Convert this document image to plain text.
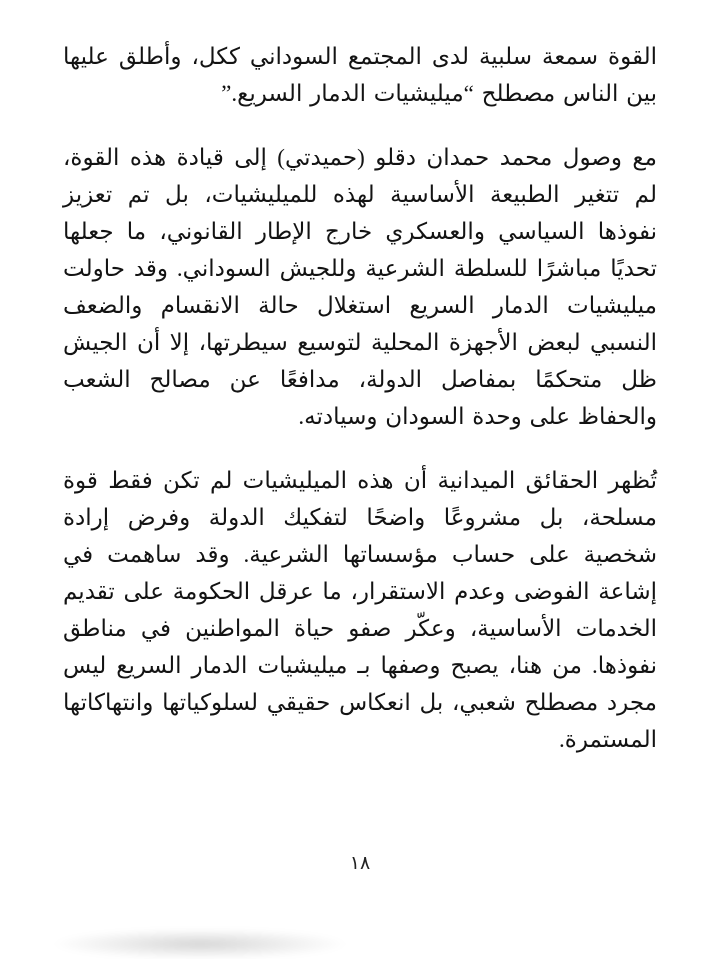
القوة سمعة سلبية لدى المجتمع السوداني ككل، وأطلق عليها بين الناس مصطلح “ميليشيات الدمار السريع.”

مع وصول محمد حمدان دقلو (حميدتي) إلى قيادة هذه القوة، لم تتغير الطبيعة الأساسية لهذه للميليشيات، بل تم تعزيز نفوذها السياسي والعسكري خارج الإطار القانوني، ما جعلها تحديًا مباشرًا للسلطة الشرعية وللجيش السوداني. وقد حاولت ميليشيات الدمار السريع استغلال حالة الانقسام والضعف النسبي لبعض الأجهزة المحلية لتوسيع سيطرتها، إلا أن الجيش ظل متحكمًا بمفاصل الدولة، مدافعًا عن مصالح الشعب والحفاظ على وحدة السودان وسيادته.

تُظهر الحقائق الميدانية أن هذه الميليشيات لم تكن فقط قوة مسلحة، بل مشروعًا واضحًا لتفكيك الدولة وفرض إرادة شخصية على حساب مؤسساتها الشرعية. وقد ساهمت في إشاعة الفوضى وعدم الاستقرار، ما عرقل الحكومة على تقديم الخدمات الأساسية، وعكّر صفو حياة المواطنين في مناطق نفوذها. من هنا، يصبح وصفها بـ ميليشيات الدمار السريع ليس مجرد مصطلح شعبي، بل انعكاس حقيقي لسلوكياتها وانتهاكاتها المستمرة.

١٨
